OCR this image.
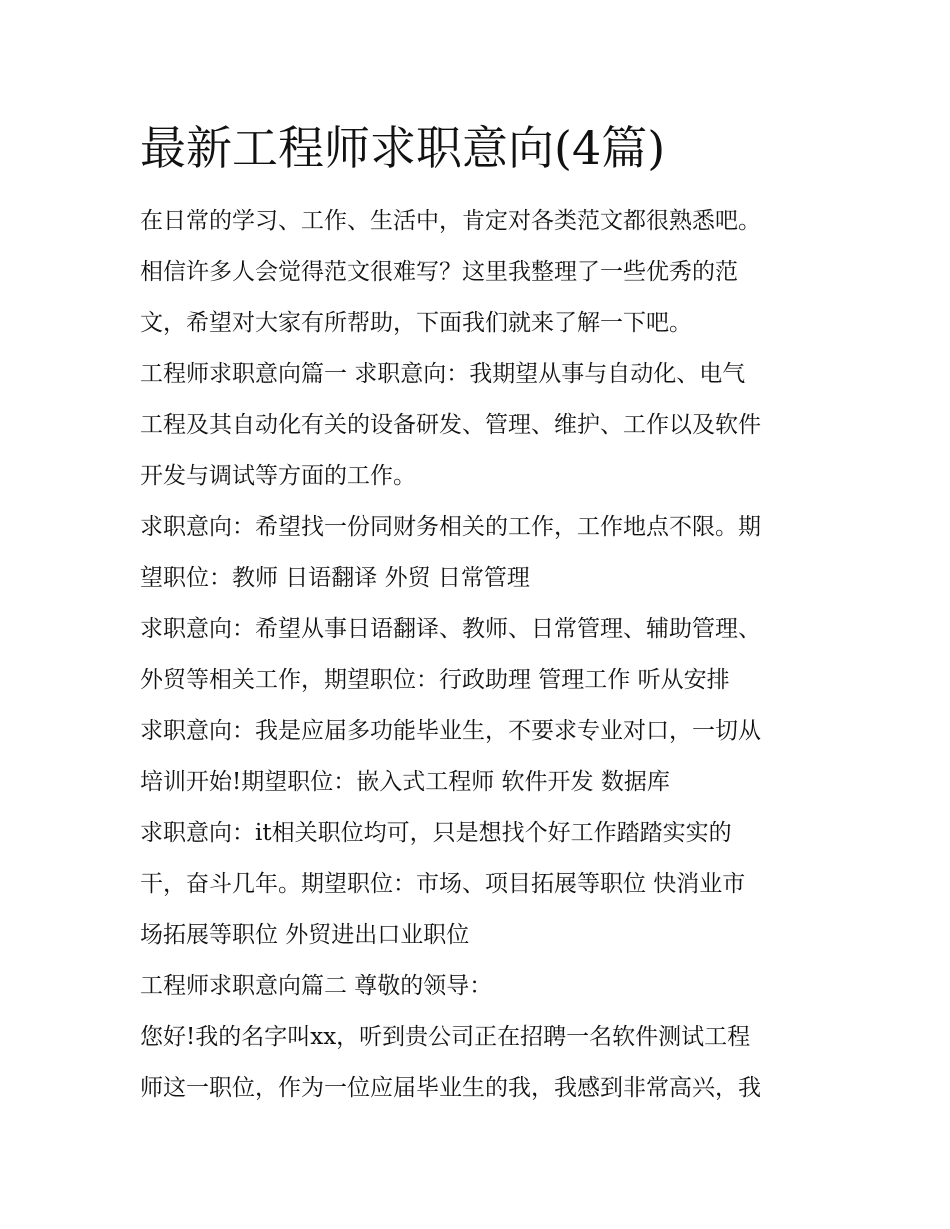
最新工程师求职意向(4篇)

在日常的学习、工作、生活中，肯定对各类范文都很熟悉吧。

相信许多人会觉得范文很难写？这里我整理了一些优秀的范

文，希望对大家有所帮助，下面我们就来了解一下吧。

工程师求职意向篇一 求职意向：我期望从事与自动化、电气

工程及其自动化有关的设备研发、管理、维护、工作以及软件

开发与调试等方面的工作。

求职意向：希望找一份同财务相关的工作，工作地点不限。期

望职位：教师 日语翻译 外贸 日常管理

求职意向：希望从事日语翻译、教师、日常管理、辅助管理、

外贸等相关工作，期望职位：行政助理 管理工作 听从安排

求职意向：我是应届多功能毕业生，不要求专业对口，一切从

培训开始!期望职位：嵌入式工程师 软件开发 数据库

求职意向：it相关职位均可，只是想找个好工作踏踏实实的

干，奋斗几年。期望职位：市场、项目拓展等职位 快消业市

场拓展等职位 外贸进出口业职位

工程师求职意向篇二 尊敬的领导：

您好!我的名字叫xx，听到贵公司正在招聘一名软件测试工程

师这一职位，作为一位应届毕业生的我，我感到非常高兴，我
